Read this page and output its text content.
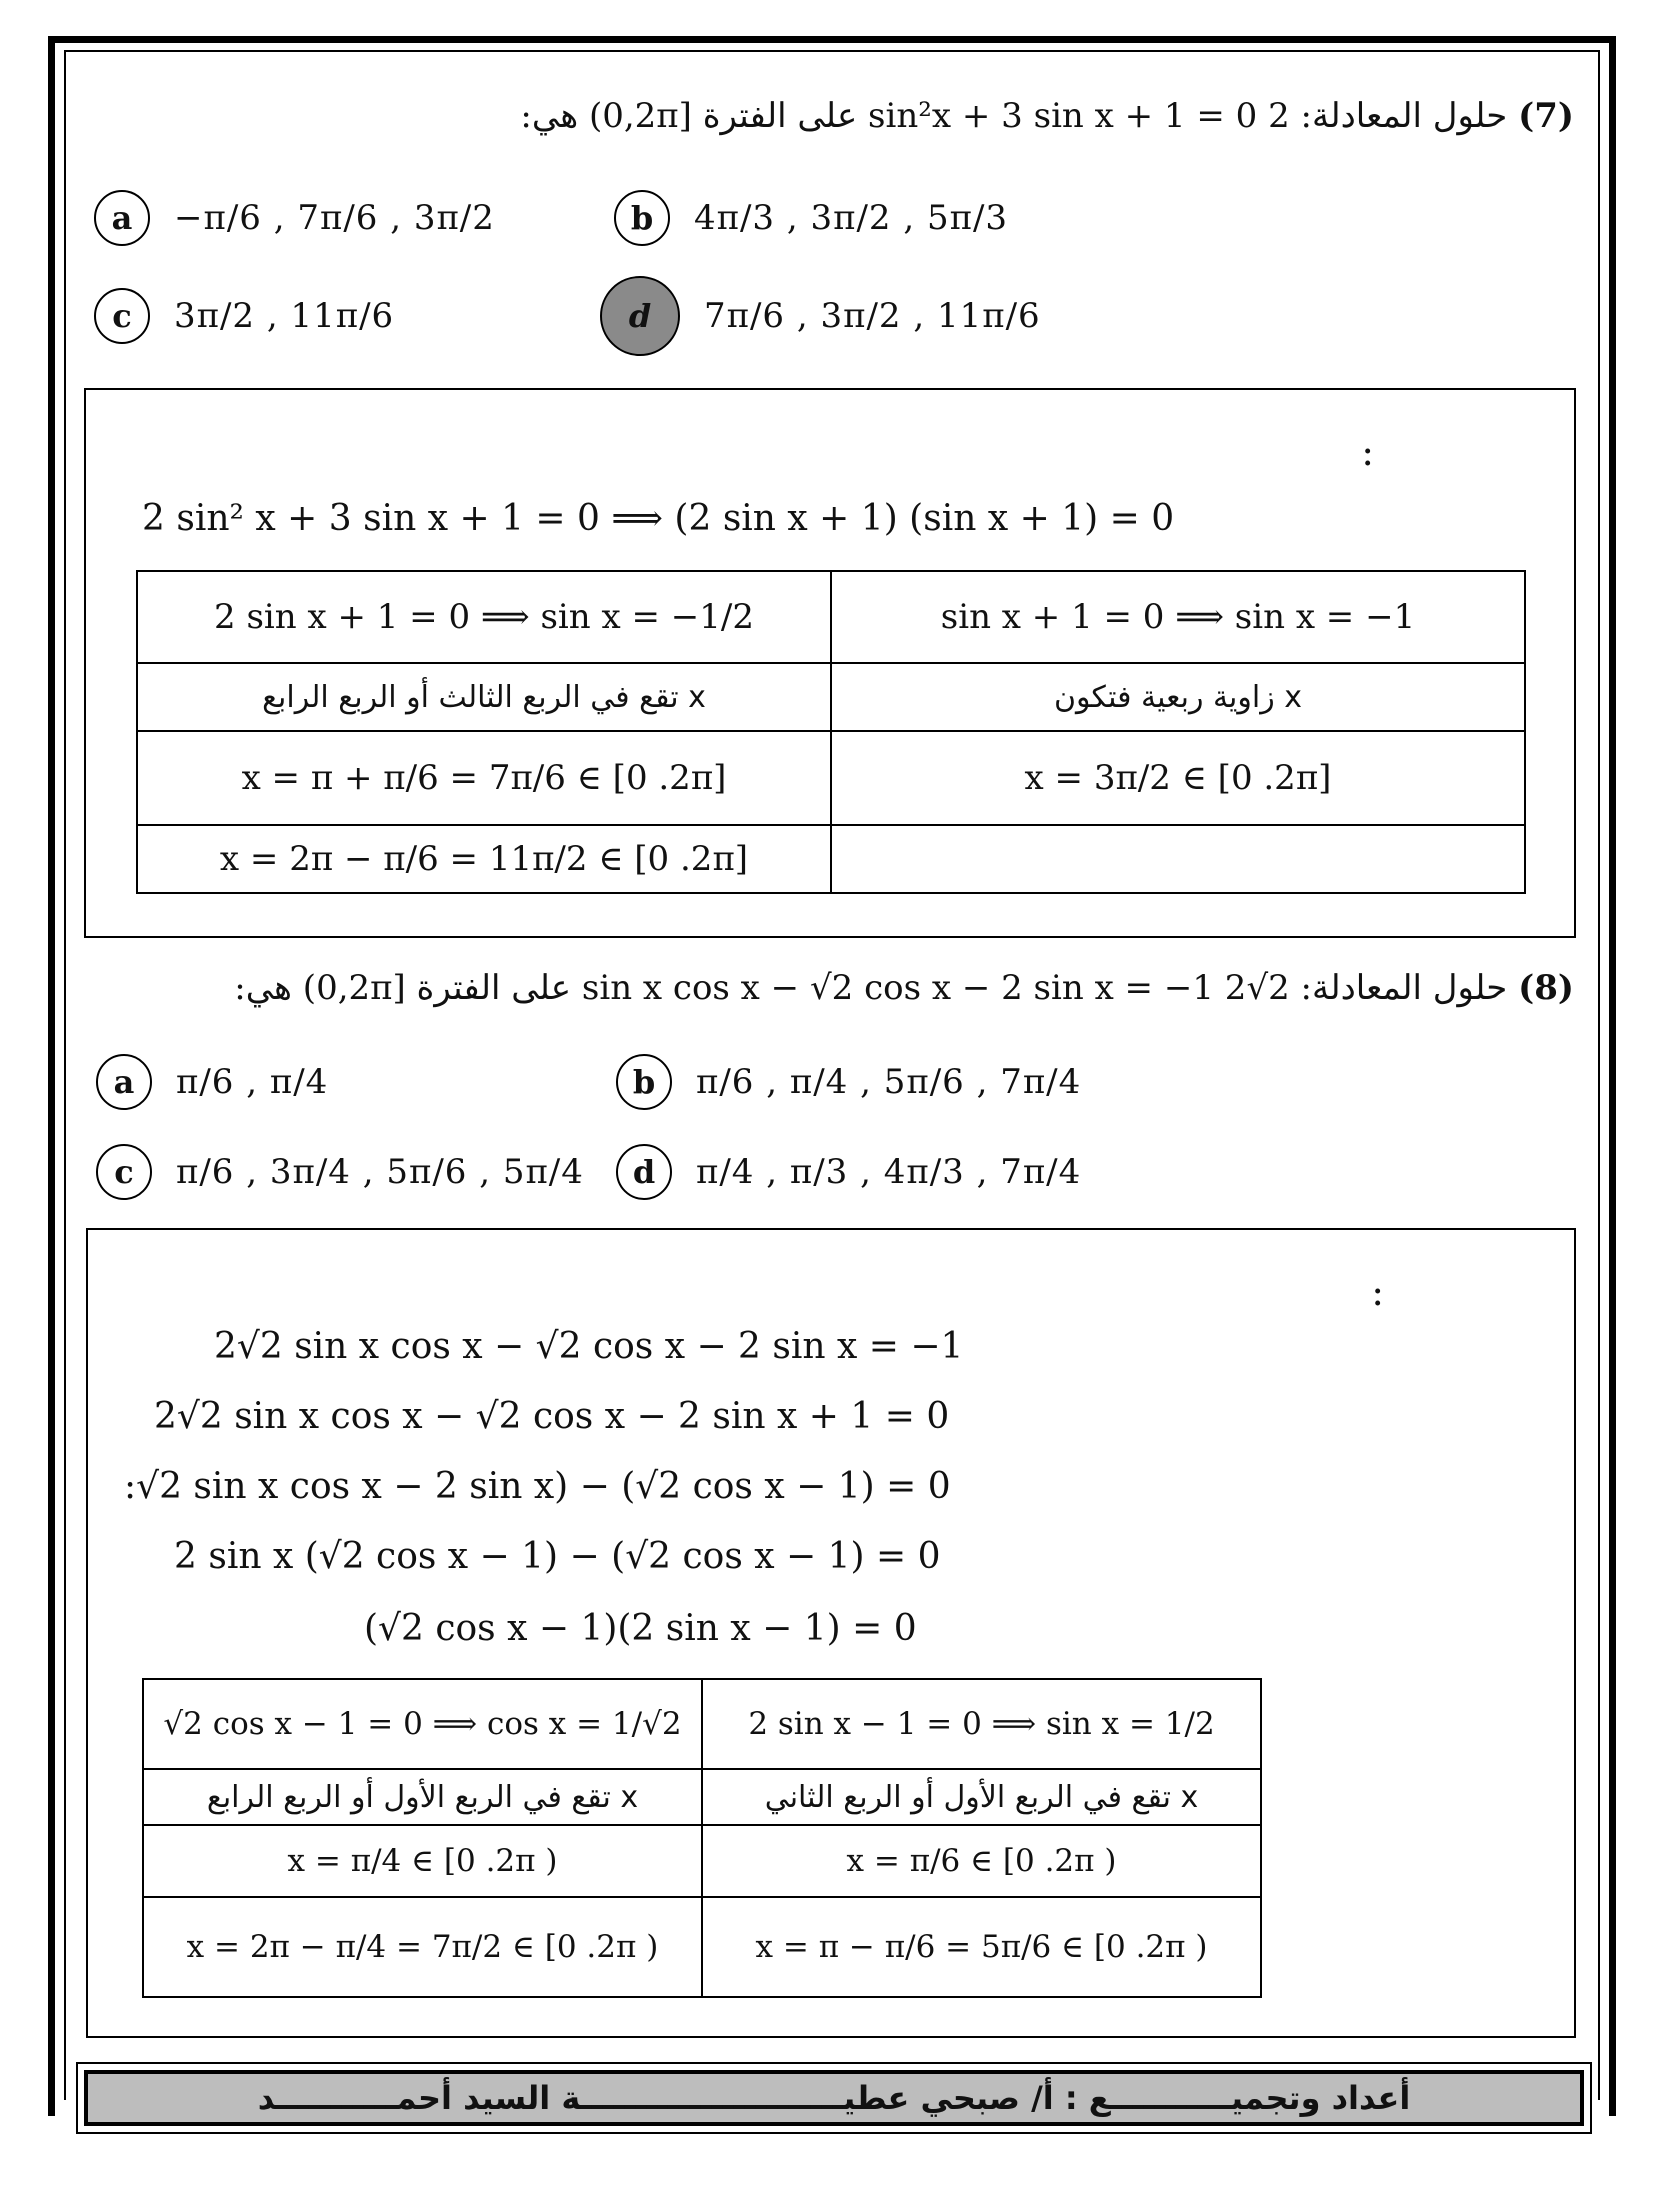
(7) حلول المعادلة: 2 sin²x + 3 sin x + 1 = 0 على الفترة [0,2π) هي:
a	−π/6 , 7π/6 , 3π/2	b	4π/3 , 3π/2 , 5π/3
c	3π/2 , 11π/6	d	7π/6 , 3π/2 , 11π/6
:
2 sin² x + 3 sin x + 1 = 0 ⟹ (2 sin x + 1) (sin x + 1) = 0
2 sin x + 1 = 0 ⟹ sin x = −1/2	sin x + 1 = 0 ⟹ sin x = −1
x تقع في الربع الثالث أو الربع الرابع	x زاوية ربعية فتكون
x = π + π/6 = 7π/6 ∈ [0 .2π]	x = 3π/2 ∈ [0 .2π]
x = 2π − π/6 = 11π/2 ∈ [0 .2π]	
(8) حلول المعادلة: 2√2 sin x cos x − √2 cos x − 2 sin x = −1 على الفترة [0,2π) هي:
a	π/6 , π/4	b	π/6 , π/4 , 5π/6 , 7π/4
c	π/6 , 3π/4 , 5π/6 , 5π/4	d	π/4 , π/3 , 4π/3 , 7π/4
:
2√2 sin x cos x − √2 cos x − 2 sin x = −1
2√2 sin x cos x − √2 cos x − 2 sin x + 1 = 0
:√2 sin x cos x − 2 sin x) − (√2 cos x − 1) = 0
2 sin x (√2 cos x − 1) − (√2 cos x − 1) = 0
(√2 cos x − 1)(2 sin x − 1) = 0
√2 cos x − 1 = 0 ⟹ cos x = 1/√2	2 sin x − 1 = 0 ⟹ sin x = 1/2
x تقع في الربع الأول أو الربع الرابع	x تقع في الربع الأول أو الربع الثاني
x = π/4 ∈ [0 .2π )	x = π/6 ∈ [0 .2π )
x = 2π − π/4 = 7π/2 ∈ [0 .2π )	x = π − π/6 = 5π/6 ∈ [0 .2π )
أعداد وتجميـــــــــــع : أ/ صبحي عطيــــــــــــــــــــــــة السيد أحمـــــــــــد
